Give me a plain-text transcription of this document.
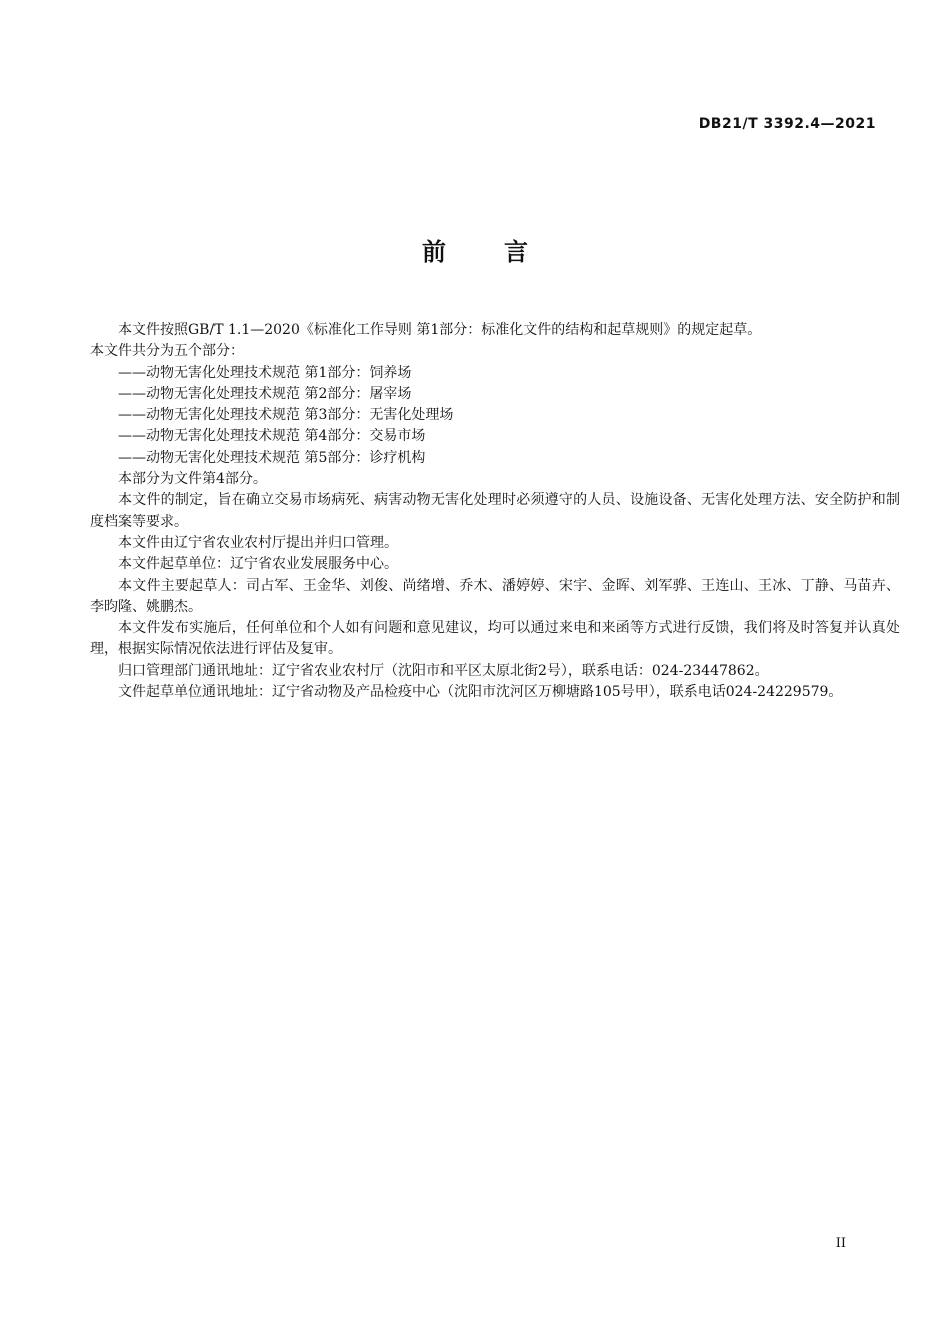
DB21/T 3392.4—2021
前言

本文件按照GB/T 1.1—2020《标准化工作导则 第1部分：标准化文件的结构和起草规则》的规定起草。

本文件共分为五个部分：

——动物无害化处理技术规范 第1部分：饲养场

——动物无害化处理技术规范 第2部分：屠宰场

——动物无害化处理技术规范 第3部分：无害化处理场

——动物无害化处理技术规范 第4部分：交易市场

——动物无害化处理技术规范 第5部分：诊疗机构

本部分为文件第4部分。

本文件的制定，旨在确立交易市场病死、病害动物无害化处理时必须遵守的人员、设施设备、无害化处理方法、安全防护和制度档案等要求。

本文件由辽宁省农业农村厅提出并归口管理。

本文件起草单位：辽宁省农业发展服务中心。

本文件主要起草人：司占军、王金华、刘俊、尚绪增、乔木、潘婷婷、宋宇、金晖、刘军骅、王连山、王冰、丁静、马苗卉、李昀隆、姚鹏杰。

本文件发布实施后，任何单位和个人如有问题和意见建议，均可以通过来电和来函等方式进行反馈，我们将及时答复并认真处理，根据实际情况依法进行评估及复审。

归口管理部门通讯地址：辽宁省农业农村厅（沈阳市和平区太原北街2号），联系电话：024-23447862。

文件起草单位通讯地址：辽宁省动物及产品检疫中心（沈阳市沈河区万柳塘路105号甲），联系电话024-24229579。

II
